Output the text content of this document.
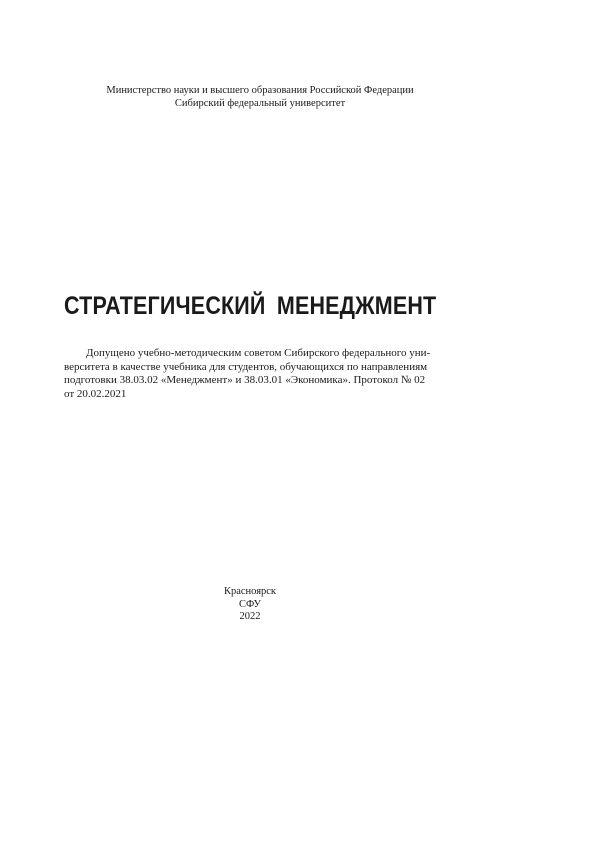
Министерство науки и высшего образования Российской Федерации
Сибирский федеральный университет
СТРАТЕГИЧЕСКИЙ МЕНЕДЖМЕНТ
Допущено учебно-методическим советом Сибирского федерального уни-
верситета в качестве учебника для студентов, обучающихся по направлениям
подготовки 38.03.02 «Менеджмент» и 38.03.01 «Экономика». Протокол № 02
от 20.02.2021
Красноярск
СФУ
2022
